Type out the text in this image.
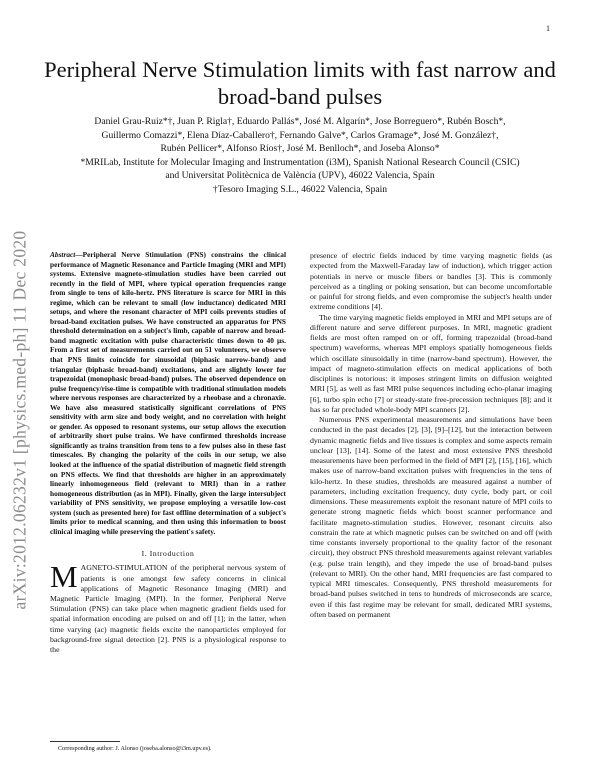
1
arXiv:2012.06232v1 [physics.med-ph] 11 Dec 2020
Peripheral Nerve Stimulation limits with fast narrow and broad-band pulses

Daniel Grau-Ruiz*†, Juan P. Rigla†, Eduardo Pallás*, José M. Algarín*, Jose Borreguero*, Rubén Bosch*,

Guillermo Comazzi*, Elena Díaz-Caballero†, Fernando Galve*, Carlos Gramage*, José M. González†,

Rubén Pellicer*, Alfonso Ríos†, José M. Benlloch*, and Joseba Alonso*

*MRILab, Institute for Molecular Imaging and Instrumentation (i3M), Spanish National Research Council (CSIC)

and Universitat Politècnica de València (UPV), 46022 Valencia, Spain

†Tesoro Imaging S.L., 46022 Valencia, Spain

Abstract—Peripheral Nerve Stimulation (PNS) constrains the clinical performance of Magnetic Resonance and Particle Imaging (MRI and MPI) systems. Extensive magneto-stimulation studies have been carried out recently in the field of MPI, where typical operation frequencies range from single to tens of kilo-hertz. PNS literature is scarce for MRI in this regime, which can be relevant to small (low inductance) dedicated MRI setups, and where the resonant character of MPI coils prevents studies of broad-band excitation pulses. We have constructed an apparatus for PNS threshold determination on a subject's limb, capable of narrow and broad-band magnetic excitation with pulse characteristic times down to 40 µs. From a first set of measurements carried out on 51 volunteers, we observe that PNS limits coincide for sinusoidal (biphasic narrow-band) and triangular (biphasic broad-band) excitations, and are slightly lower for trapezoidal (monophasic broad-band) pulses. The observed dependence on pulse frequency/rise-time is compatible with traditional stimulation models where nervous responses are characterized by a rheobase and a chronaxie. We have also measured statistically significant correlations of PNS sensitivity with arm size and body weight, and no correlation with height or gender. As opposed to resonant systems, our setup allows the execution of arbitrarily short pulse trains. We have confirmed thresholds increase significantly as trains transition from tens to a few pulses also in these fast timescales. By changing the polarity of the coils in our setup, we also looked at the influence of the spatial distribution of magnetic field strength on PNS effects. We find that thresholds are higher in an approximately linearly inhomogeneous field (relevant to MRI) than in a rather homogeneous distribution (as in MPI). Finally, given the large intersubject variability of PNS sensitivity, we propose employing a versatile low-cost system (such as presented here) for fast offline determination of a subject's limits prior to medical scanning, and then using this information to boost clinical imaging while preserving the patient's safety.

I. Introduction

MAGNETO-STIMULATION of the peripheral nervous system of patients is one amongst few safety concerns in clinical applications of Magnetic Resonance Imaging (MRI) and Magnetic Particle Imaging (MPI). In the former, Peripheral Nerve Stimulation (PNS) can take place when magnetic gradient fields used for spatial information encoding are pulsed on and off [1]; in the latter, when time varying (ac) magnetic fields excite the nanoparticles employed for background-free signal detection [2]. PNS is a physiological response to the

Corresponding author: J. Alonso (joseba.alonso@i3m.upv.es).

presence of electric fields induced by time varying magnetic fields (as expected from the Maxwell-Faraday law of induction), which trigger action potentials in nerve or muscle fibers or bandles [3]. This is commonly perceived as a tingling or poking sensation, but can become uncomfortable or painful for strong fields, and even compromise the subject's health under extreme conditions [4].

The time varying magnetic fields employed in MRI and MPI setups are of different nature and serve different purposes. In MRI, magnetic gradient fields are most often ramped on or off, forming trapezoidal (broad-band spectrum) waveforms, whereas MPI employs spatially homogeneous fields which oscillate sinusoidally in time (narrow-band spectrum). However, the impact of magneto-stimulation effects on medical applications of both disciplines is notorious: it imposes stringent limits on diffusion weighted MRI [5], as well as fast MRI pulse sequences including echo-planar imaging [6], turbo spin echo [7] or steady-state free-precession techniques [8]; and it has so far precluded whole-body MPI scanners [2].

Numerous PNS experimental measurements and simulations have been conducted in the past decades [2], [3], [9]–[12], but the interaction between dynamic magnetic fields and live tissues is complex and some aspects remain unclear [13], [14]. Some of the latest and most extensive PNS threshold measurements have been performed in the field of MPI [2], [15], [16], which makes use of narrow-band excitation pulses with frequencies in the tens of kilo-hertz. In these studies, thresholds are measured against a number of parameters, including excitation frequency, duty cycle, body part, or coil dimensions. These measurements exploit the resonant nature of MPI coils to generate strong magnetic fields which boost scanner performance and facilitate magneto-stimulation studies. However, resonant circuits also constrain the rate at which magnetic pulses can be switched on and off (with time constants inversely proportional to the quality factor of the resonant circuit), they obstruct PNS threshold measurements against relevant variables (e.g. pulse train length), and they impede the use of broad-band pulses (relevant to MRI). On the other hand, MRI frequencies are fast compared to typical MRI timescales. Consequently, PNS threshold measurements for broad-band pulses switched in tens to hundreds of microseconds are scarce, even if this fast regime may be relevant for small, dedicated MRI systems, often based on permanent
